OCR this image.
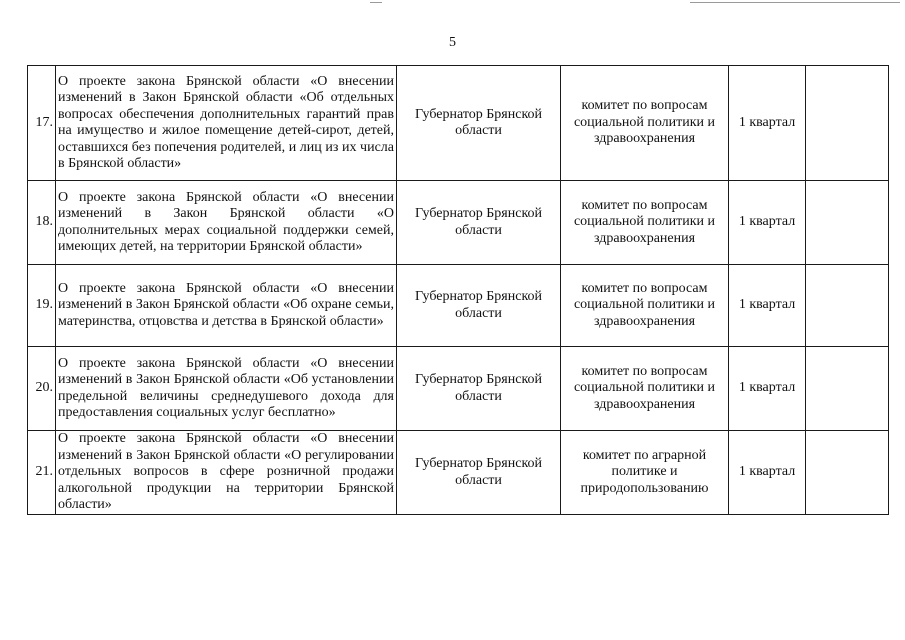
5
17.	О проекте закона Брянской области «О внесении изменений в Закон Брянской области «Об отдельных вопросах обеспечения дополнительных гарантий прав на имущество и жилое помещение детей-сирот, детей, оставшихся без попечения родителей, и лиц из их числа в Брянской области»	Губернатор Брянской области	комитет по вопросам социальной политики и здравоохранения	1 квартал	
18.	О проекте закона Брянской области «О внесении изменений в Закон Брянской области «О дополнительных мерах социальной поддержки семей, имеющих детей, на территории Брянской области»	Губернатор Брянской области	комитет по вопросам социальной политики и здравоохранения	1 квартал	
19.	О проекте закона Брянской области «О внесении изменений в Закон Брянской области «Об охране семьи, материнства, отцовства и детства в Брянской области»	Губернатор Брянской области	комитет по вопросам социальной политики и здравоохранения	1 квартал	
20.	О проекте закона Брянской области «О внесении изменений в Закон Брянской области «Об установлении предельной величины среднедушевого дохода для предоставления социальных услуг бесплатно»	Губернатор Брянской области	комитет по вопросам социальной политики и здравоохранения	1 квартал	
21.	О проекте закона Брянской области «О внесении изменений в Закон Брянской области «О регулировании отдельных вопросов в сфере розничной продажи алкогольной продукции на территории Брянской области»	Губернатор Брянской области	комитет по аграрной политике и природопользованию	1 квартал	
